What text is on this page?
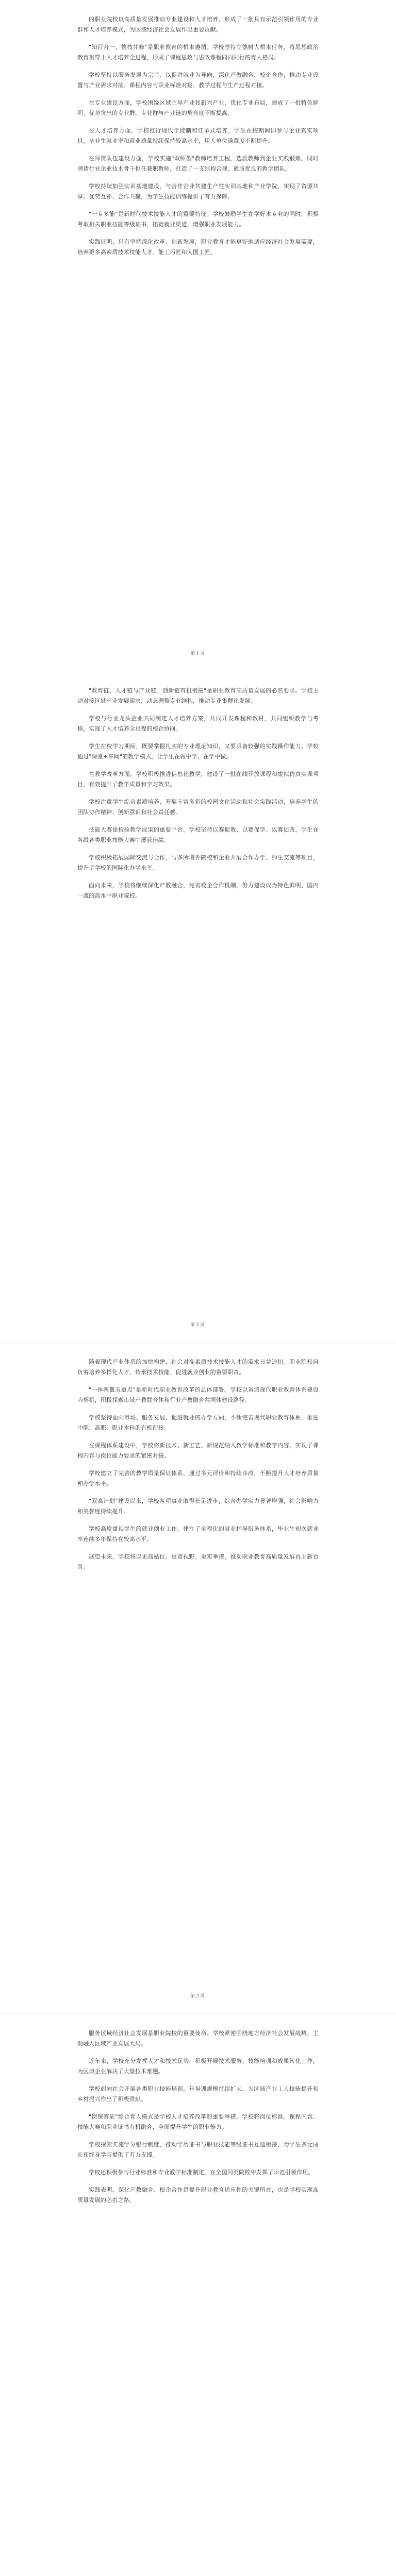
的职业院校以高质量发展推动专业建设和人才培养，形成了一批具有示范引领作用的专业群和人才培养模式，为区域经济社会发展作出重要贡献。

"知行合一，德技并修"是职业教育的根本遵循。学校坚持立德树人根本任务，将思想政治教育贯穿于人才培养全过程，形成了课程思政与思政课程同向同行的育人格局。

学校坚持以服务发展为宗旨、以促进就业为导向，深化产教融合、校企合作，推动专业设置与产业需求对接、课程内容与职业标准对接、教学过程与生产过程对接。

在专业建设方面，学校围绕区域主导产业和新兴产业，优化专业布局，建成了一批特色鲜明、优势突出的专业群，专业群与产业链的契合度不断提高。

在人才培养方面，学校推行现代学徒制和订单式培养，学生在校期间即参与企业真实项目，毕业生就业率和就业质量持续保持较高水平，用人单位满意度不断提升。

在师资队伍建设方面，学校实施"双师型"教师培养工程，选派教师到企业实践锻炼，同时聘请行业企业技术骨干担任兼职教师，打造了一支结构合理、素质优良的教学团队。

学校持续加强实训基地建设，与合作企业共建生产性实训基地和产业学院，实现了资源共享、优势互补、合作共赢，为学生技能训练提供了有力保障。

"一专多能"是新时代技术技能人才的重要特征。学校鼓励学生在学好本专业的同时，积极考取相关职业技能等级证书，拓宽就业渠道，增强职业发展能力。

实践证明，只有坚持深化改革、创新发展，职业教育才能更好地适应经济社会发展需要，培养更多高素质技术技能人才、能工巧匠和大国工匠。

第1页

"教育链、人才链与产业链、创新链有机衔接"是职业教育高质量发展的必然要求。学校主动对接区域产业发展需求，动态调整专业结构，推动专业集群化发展。

学校与行业龙头企业共同制定人才培养方案，共同开发课程和教材，共同组织教学与考核，实现了人才培养全过程的校企协同。

学生在校学习期间，既要掌握扎实的专业理论知识，又要具备较强的实践操作能力。学校通过"课堂+车间"的教学模式，让学生在做中学、在学中做。

在教学改革方面，学校积极推进信息化教学，建设了一批在线开放课程和虚拟仿真实训项目，有效提升了教学质量和学习效果。

学校注重学生综合素质培养，开展丰富多彩的校园文化活动和社会实践活动，培养学生的团队协作精神、创新意识和社会责任感。

技能大赛是检验教学成果的重要平台。学校坚持以赛促教、以赛促学、以赛促改，学生在各级各类职业技能大赛中屡获佳绩。

学校积极拓展国际交流与合作，与多所境外院校和企业开展合作办学、师生交流等项目，提升了学校的国际化办学水平。

面向未来，学校将继续深化产教融合，完善校企合作机制，努力建设成为特色鲜明、国内一流的高水平职业院校。

第2页

随着现代产业体系的加快构建，社会对高素质技术技能人才的需求日益迫切。职业院校肩负着培养多样化人才、传承技术技能、促进就业创业的重要职责。

"一体两翼五重点"是新时代职业教育改革的总体部署。学校以省域现代职业教育体系建设为契机，积极探索市域产教联合体和行业产教融合共同体建设路径。

学校坚持面向市场、服务发展、促进就业的办学方向，不断完善现代职业教育体系，推进中职、高职、职业本科的有机衔接。

在课程体系建设中，学校将新技术、新工艺、新规范纳入教学标准和教学内容，实现了课程内容与岗位能力要求的紧密对接。

学校建立了完善的教学质量保证体系，通过多元评价和持续诊改，不断提升人才培养质量和办学水平。

"双高计划"建设以来，学校各项事业取得长足进步，综合办学实力显著增强，社会影响力和美誉度持续提升。

学校高度重视学生的就业创业工作，建立了全程化的就业指导服务体系，毕业生初次就业率连续多年保持在较高水平。

展望未来，学校将以更高站位、更宽视野、更实举措，推动职业教育高质量发展再上新台阶。

第3页

服务区域经济社会发展是职业院校的重要使命。学校紧密围绕地方经济社会发展战略，主动融入区域产业发展大局。

近年来，学校充分发挥人才和技术优势，积极开展技术服务、技能培训和成果转化工作，为区域企业解决了大量技术难题。

学校面向社会开展各类职业技能培训，年培训规模持续扩大，为区域产业工人技能提升和乡村振兴作出了积极贡献。

"岗课赛证"综合育人模式是学校人才培养改革的重要举措。学校将岗位标准、课程内容、技能大赛和职业证书有机融合，全面提升学生的职业能力。

学校探索实施学分银行制度，推动学历证书与职业技能等级证书互通衔接，为学生多元成长和终身学习提供了有力支撑。

学校还积极参与行业标准和专业教学标准制定，在全国同类院校中发挥了示范引领作用。

实践表明，深化产教融合、校企合作是提升职业教育适应性的关键所在，也是学校实现高质量发展的必由之路。
